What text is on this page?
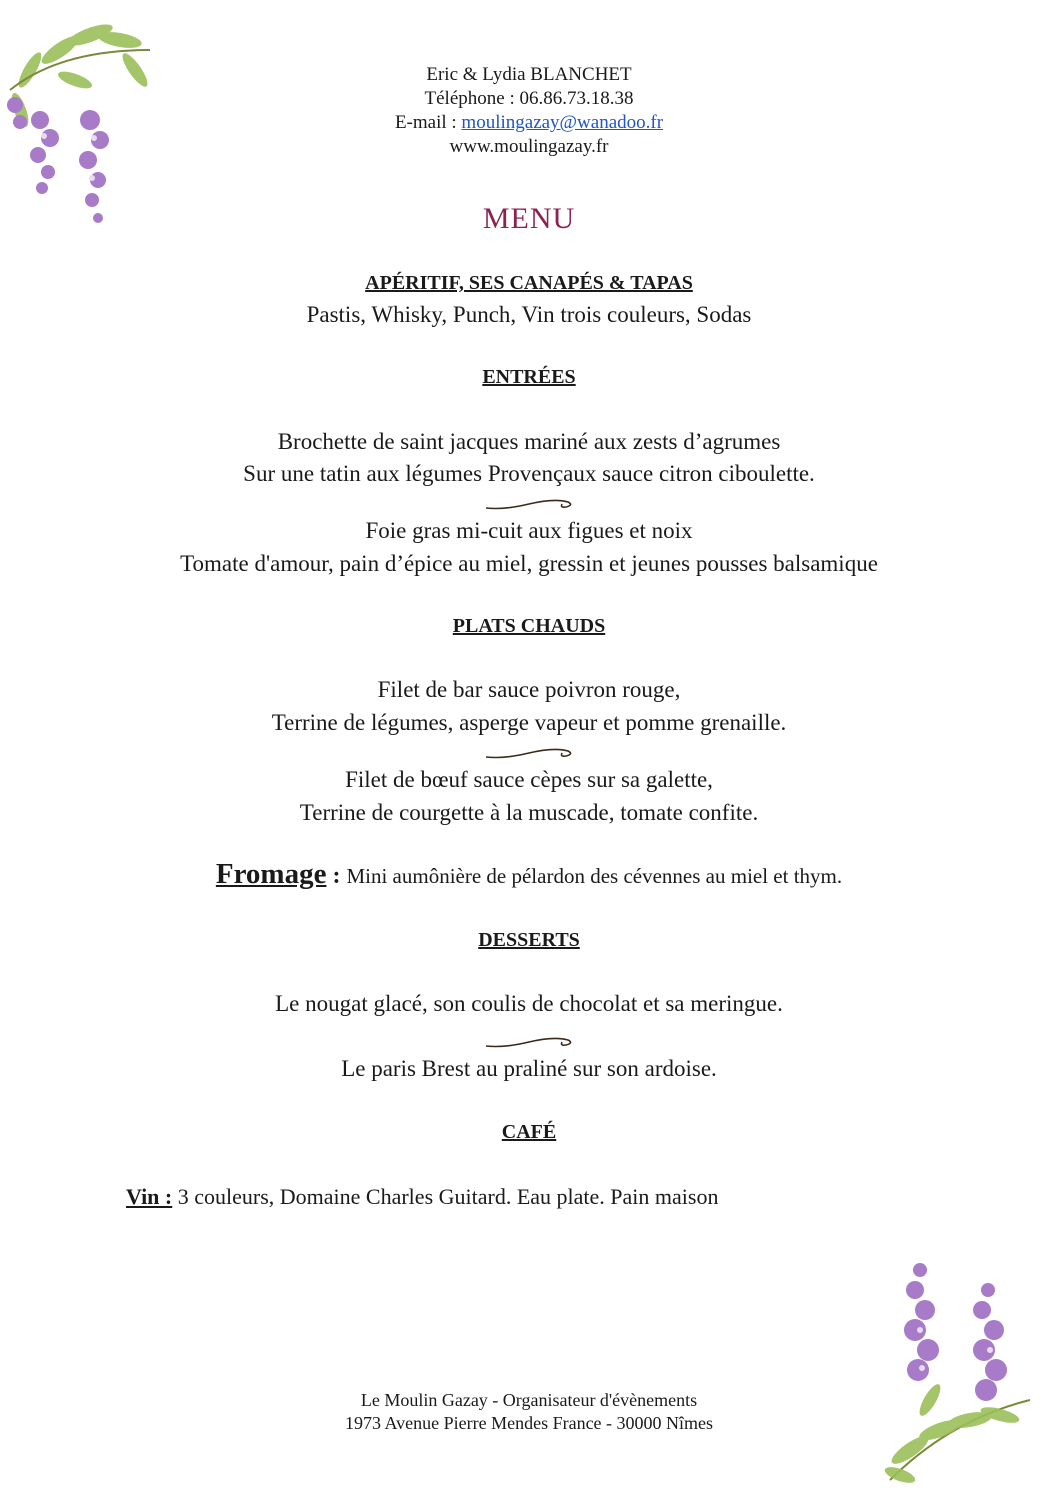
Eric & Lydia BLANCHET
Téléphone : 06.86.73.18.38
E-mail : moulingazay@wanadoo.fr
www.moulingazay.fr
MENU
APÉRITIF, SES CANAPÉS & TAPAS
Pastis, Whisky, Punch, Vin trois couleurs, Sodas
ENTRÉES
Brochette de saint jacques mariné aux zests d’agrumes
Sur une tatin aux légumes Provençaux sauce citron ciboulette.
Foie gras mi-cuit aux figues et noix
Tomate d'amour, pain d’épice au miel, gressin et jeunes pousses balsamique
PLATS CHAUDS
Filet de bar sauce poivron rouge,
Terrine de légumes, asperge vapeur et pomme grenaille.
Filet de bœuf sauce cèpes sur sa galette,
Terrine de courgette à la muscade, tomate confite.
Fromage : Mini aumônière de pélardon des cévennes au miel et thym.
DESSERTS
Le nougat glacé, son coulis de chocolat et sa meringue.
Le paris Brest au praliné sur son ardoise.
CAFÉ
Vin : 3 couleurs, Domaine Charles Guitard. Eau plate. Pain maison
Le Moulin Gazay - Organisateur d'évènements
1973 Avenue Pierre Mendes France - 30000 Nîmes
